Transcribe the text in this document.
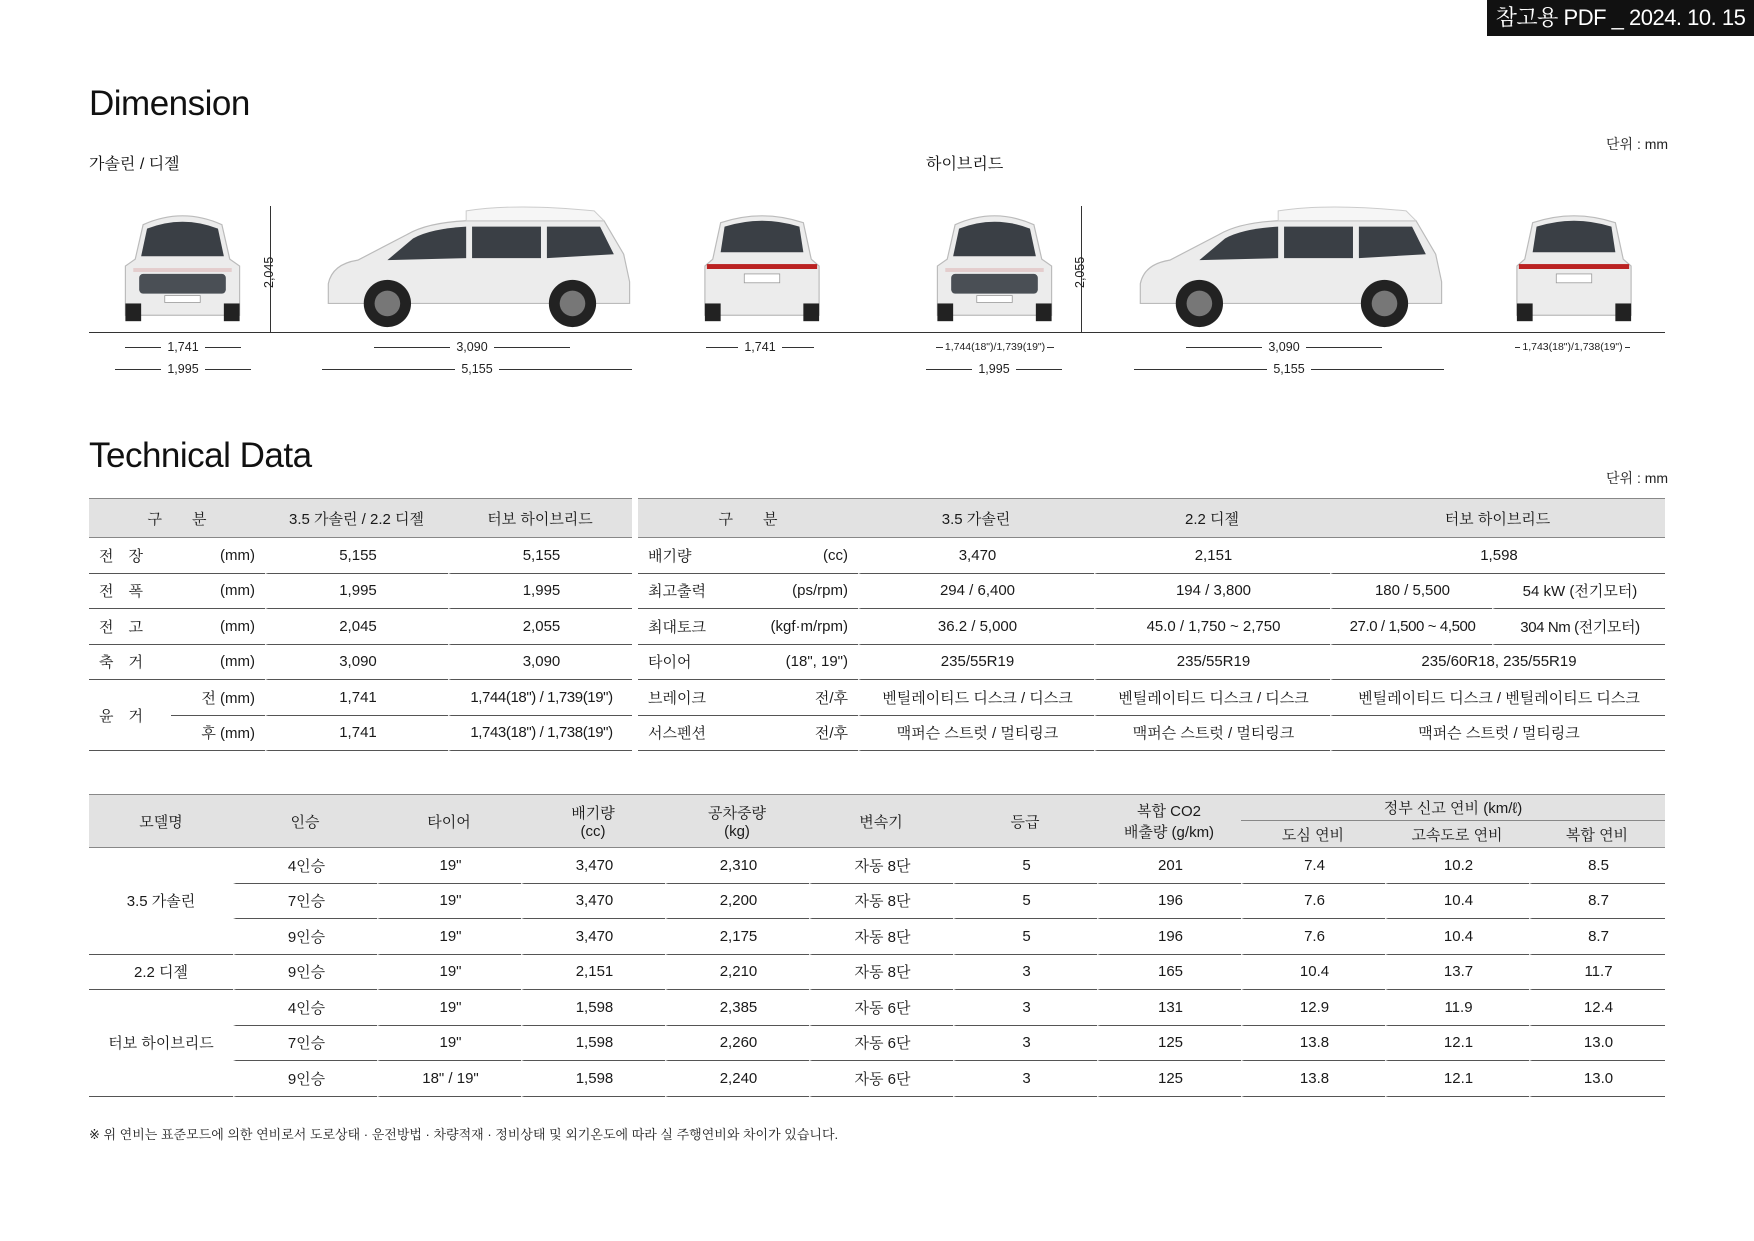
참고용 PDF _ 2024. 10. 15
Dimension
단위 : mm
가솔린 / 디젤	하이브리드
2,045
1,741
1,995
3,090
5,155
1,741
2,055
1,744(18")/1,739(19")
1,995
3,090
5,155
1,743(18")/1,738(19")
Technical Data
단위 : mm
구　　분		3.5 가솔린 / 2.2 디젤	터보 하이브리드
전　장	(mm)	5,155	5,155
전　폭	(mm)	1,995	1,995
전　고	(mm)	2,045	2,055
축　거	(mm)	3,090	3,090
윤　거	전 (mm)	1,741	1,744(18") / 1,739(19")
	후 (mm)	1,741	1,743(18") / 1,738(19")
구　　분		3.5 가솔린	2.2 디젤	터보 하이브리드	
배기량	(cc)	3,470	2,151	1,598	
최고출력	(ps/rpm)	294 / 6,400	194 / 3,800	180 / 5,500	54 kW (전기모터)
최대토크	(kgf·m/rpm)	36.2 / 5,000	45.0 / 1,750 ~ 2,750	27.0 / 1,500 ~ 4,500	304 Nm (전기모터)
타이어	(18", 19")	235/55R19	235/55R19	235/60R18, 235/55R19	
브레이크	전/후	벤틸레이티드 디스크 / 디스크	벤틸레이티드 디스크 / 디스크	벤틸레이티드 디스크 / 벤틸레이티드 디스크	
서스펜션	전/후	맥퍼슨 스트럿 / 멀티링크	맥퍼슨 스트럿 / 멀티링크	맥퍼슨 스트럿 / 멀티링크	
모델명	인승	타이어	배기량
(cc)	공차중량
(kg)	변속기	등급	복합 CO2
배출량 (g/km)	정부 신고 연비 (km/ℓ)		
								도심 연비	고속도로 연비	복합 연비
3.5 가솔린	4인승	19"	3,470	2,310	자동 8단	5	201	7.4	10.2	8.5
	7인승	19"	3,470	2,200	자동 8단	5	196	7.6	10.4	8.7
	9인승	19"	3,470	2,175	자동 8단	5	196	7.6	10.4	8.7
2.2 디젤	9인승	19"	2,151	2,210	자동 8단	3	165	10.4	13.7	11.7
터보 하이브리드	4인승	19"	1,598	2,385	자동 6단	3	131	12.9	11.9	12.4
	7인승	19"	1,598	2,260	자동 6단	3	125	13.8	12.1	13.0
	9인승	18" / 19"	1,598	2,240	자동 6단	3	125	13.8	12.1	13.0
※ 위 연비는 표준모드에 의한 연비로서 도로상태 · 운전방법 · 차량적재 · 정비상태 및 외기온도에 따라 실 주행연비와 차이가 있습니다.
